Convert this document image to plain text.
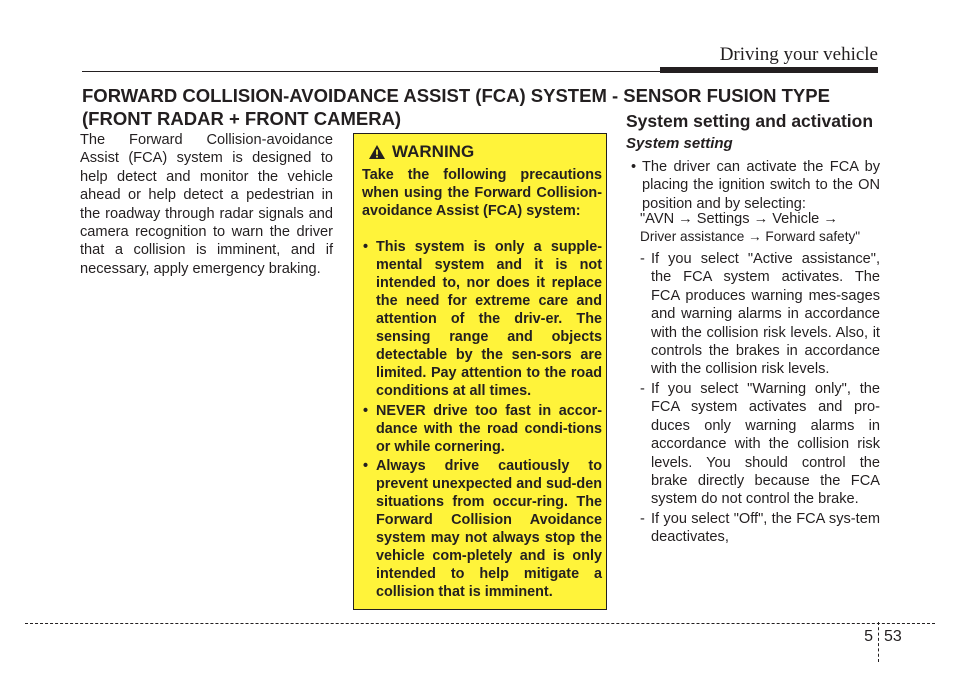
Driving your vehicle
FORWARD COLLISION-AVOIDANCE ASSIST (FCA) SYSTEM - SENSOR FUSION TYPE
(FRONT RADAR + FRONT CAMERA)
The Forward Collision-avoidance Assist (FCA) system is designed to help detect and monitor the vehicle ahead or help detect a pedestrian in the roadway through radar signals and camera recognition to warn the driver that a collision is imminent, and if necessary, apply emergency braking.
WARNING
Take the following precautions when using the Forward Collision-avoidance Assist (FCA) system:
• This system is only a supple-mental system and it is not intended to, nor does it replace the need for extreme care and attention of the driv-er. The sensing range and objects detectable by the sen-sors are limited. Pay attention to the road conditions at all times.
• NEVER drive too fast in accor-dance with the road condi-tions or while cornering.
• Always drive cautiously to prevent unexpected and sud-den situations from occur-ring. The Forward Collision Avoidance system may not always stop the vehicle com-pletely and is only intended to help mitigate a collision that is imminent.
System setting and activation
System setting
• The driver can activate the FCA by placing the ignition switch to the ON position and by selecting:
"AVN → Settings → Vehicle →
Driver assistance → Forward safety"
- If you select "Active assistance", the FCA system activates. The FCA produces warning mes-sages and warning alarms in accordance with the collision risk levels. Also, it controls the brakes in accordance with the collision risk levels.
- If you select "Warning only", the FCA system activates and pro-duces only warning alarms in accordance with the collision risk levels. You should control the brake directly because the FCA system do not control the brake.
- If you select "Off", the FCA sys-tem deactivates,
5 53
